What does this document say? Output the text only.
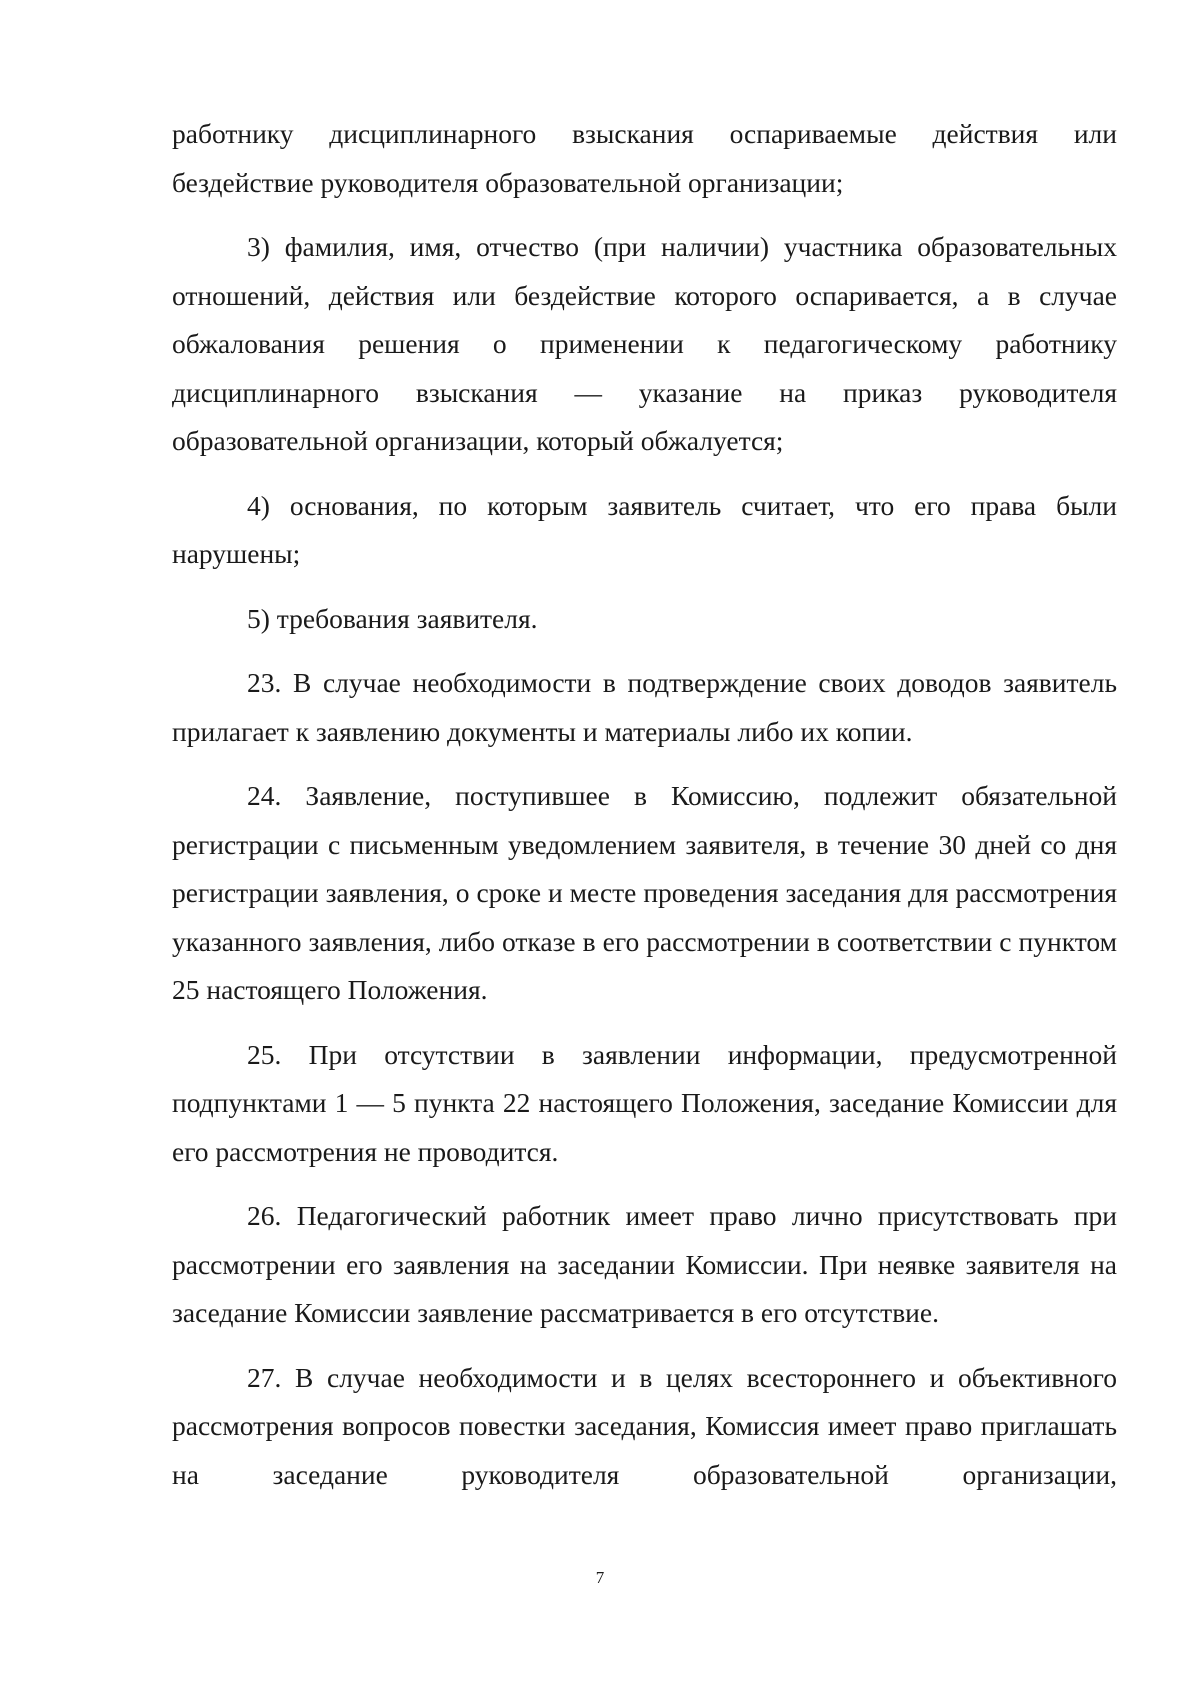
работнику дисциплинарного взыскания оспариваемые действия или бездействие руководителя образовательной организации;

3) фамилия, имя, отчество (при наличии) участника образовательных отношений, действия или бездействие которого оспаривается, а в случае обжалования решения о применении к педагогическому работнику дисциплинарного взыскания — указание на приказ руководителя образовательной организации, который обжалуется;

4) основания, по которым заявитель считает, что его права были нарушены;

5) требования заявителя.

23. В случае необходимости в подтверждение своих доводов заявитель прилагает к заявлению документы и материалы либо их копии.

24. Заявление, поступившее в Комиссию, подлежит обязательной регистрации с письменным уведомлением заявителя, в течение 30 дней со дня регистрации заявления, о сроке и месте проведения заседания для рассмотрения указанного заявления, либо отказе в его рассмотрении в соответствии с пунктом 25 настоящего Положения.

25. При отсутствии в заявлении информации, предусмотренной подпунктами 1 — 5 пункта 22 настоящего Положения, заседание Комиссии для его рассмотрения не проводится.

26. Педагогический работник имеет право лично присутствовать при рассмотрении его заявления на заседании Комиссии. При неявке заявителя на заседание Комиссии заявление рассматривается в его отсутствие.

27. В случае необходимости и в целях всестороннего и объективного рассмотрения вопросов повестки заседания, Комиссия имеет право приглашать на заседание руководителя образовательной организации,

7
